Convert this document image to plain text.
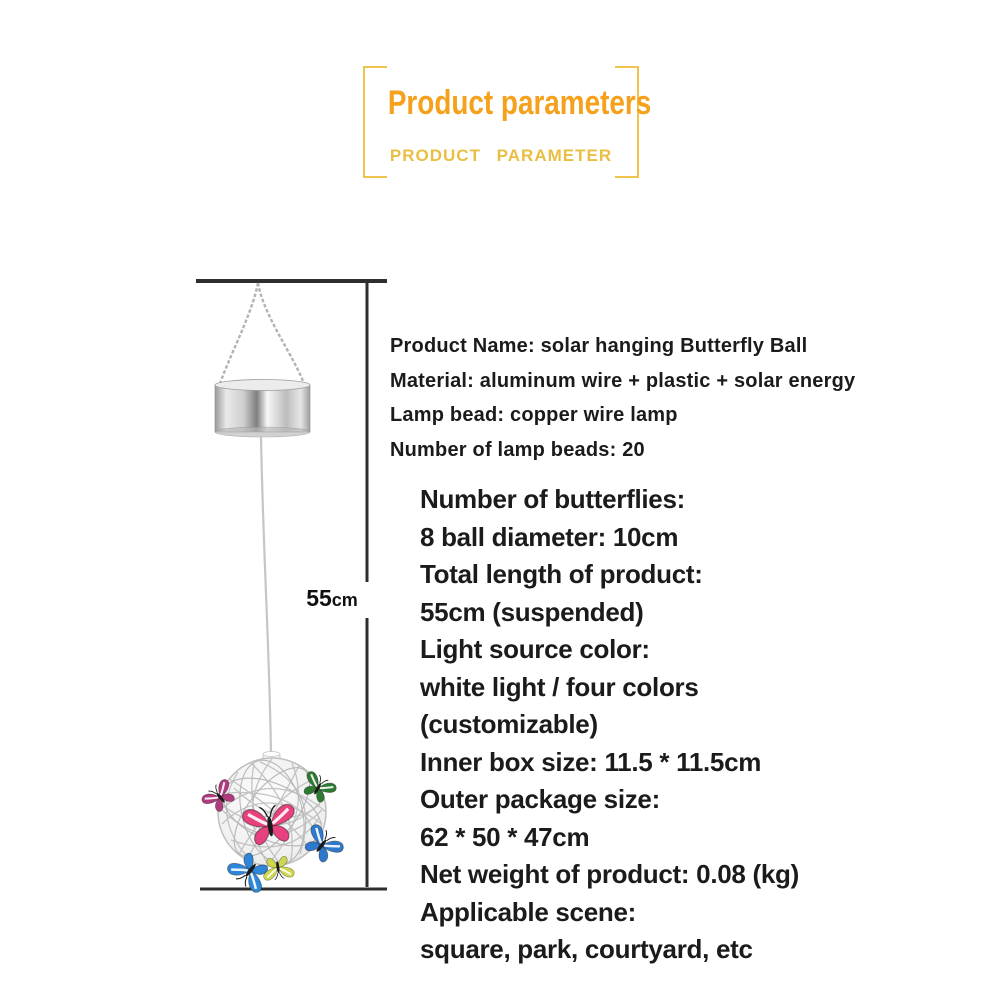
Product parameters
PRODUCT PARAMETER
55cm

Product Name: solar hanging Butterfly Ball

Material: aluminum wire + plastic + solar energy

Lamp bead: copper wire lamp

Number of lamp beads: 20

Number of butterflies:

8 ball diameter: 10cm

Total length of product:

55cm (suspended)

Light source color:

white light / four colors

(customizable)

Inner box size: 11.5 * 11.5cm

Outer package size:

62 * 50 * 47cm

Net weight of product: 0.08 (kg)

Applicable scene:

square, park, courtyard, etc
